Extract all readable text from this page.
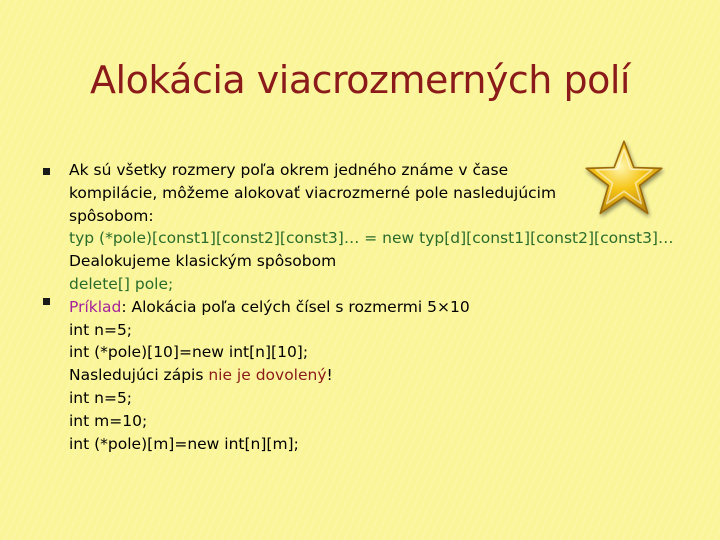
Alokácia viacrozmerných polí
Ak sú všetky rozmery poľa okrem jedného známe v čase
kompilácie, môžeme alokovať viacrozmerné pole nasledujúcim
spôsobom:
typ (*pole)[const1][const2][const3]… = new typ[d][const1][const2][const3]…
Dealokujeme klasickým spôsobom
delete[] pole;
Príklad: Alokácia poľa celých čísel s rozmermi 5×10
int n=5;
int (*pole)[10]=new int[n][10];
Nasledujúci zápis nie je dovolený!
int n=5;
int m=10;
int (*pole)[m]=new int[n][m];
